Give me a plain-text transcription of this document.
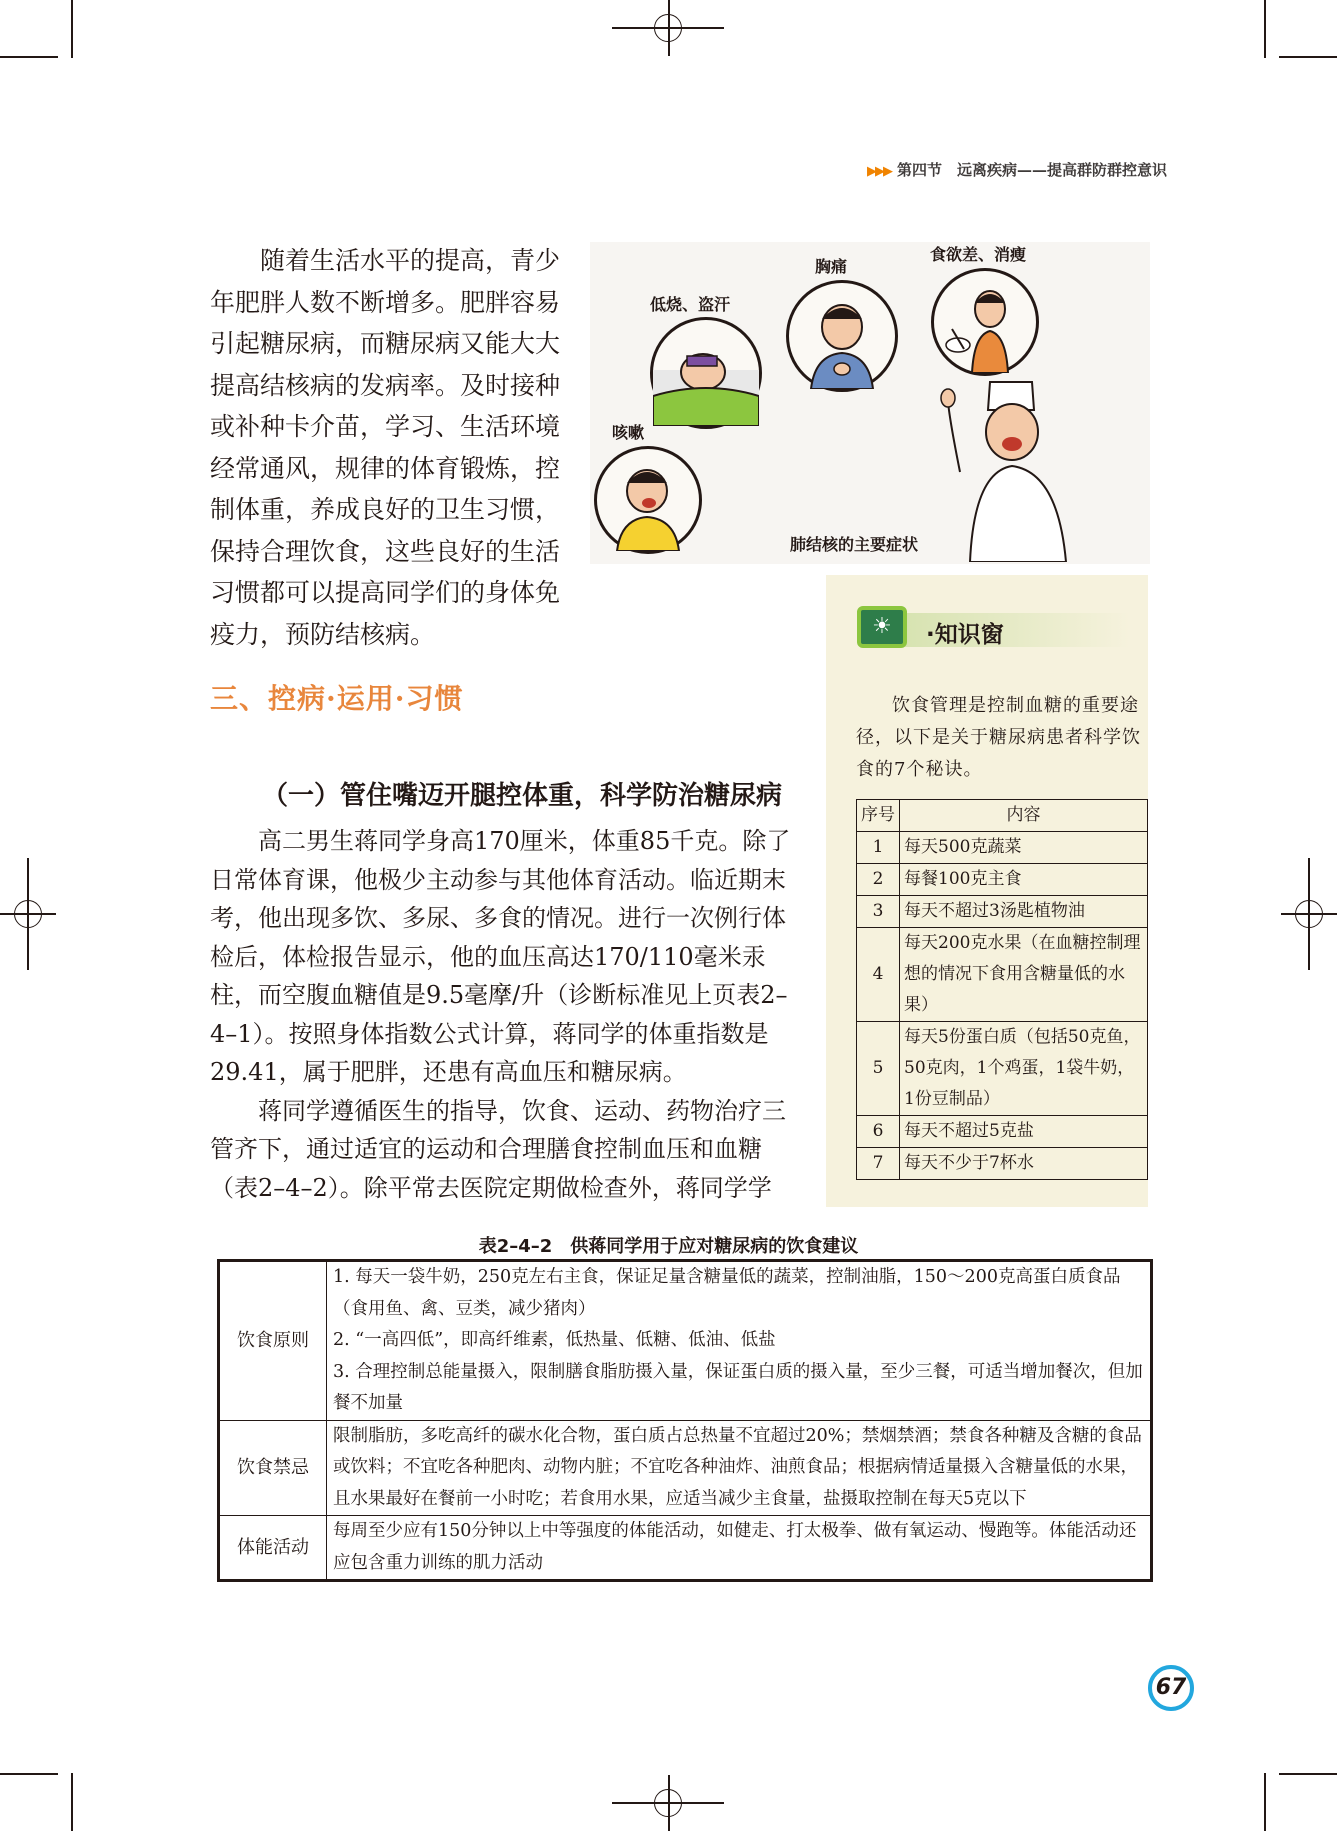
▶▶▶ 第四节　远离疾病——提高群防群控意识
随着生活水平的提高，青少年肥胖人数不断增多。肥胖容易引起糖尿病，而糖尿病又能大大提高结核病的发病率。及时接种或补种卡介苗，学习、生活环境经常通风，规律的体育锻炼，控制体重，养成良好的卫生习惯，保持合理饮食，这些良好的生活习惯都可以提高同学们的身体免疫力，预防结核病。
胸痛
食欲差、消瘦
低烧、盗汗
咳嗽
肺结核的主要症状
☀	·知识窗
饮食管理是控制血糖的重要途径，以下是关于糖尿病患者科学饮食的7个秘诀。
序号	内容
1	每天500克蔬菜
2	每餐100克主食
3	每天不超过3汤匙植物油
4	每天200克水果（在血糖控制理想的情况下食用含糖量低的水果）
5	每天5份蛋白质（包括50克鱼，50克肉，1个鸡蛋，1袋牛奶，1份豆制品）
6	每天不超过5克盐
7	每天不少于7杯水
三、控病·运用·习惯
（一）管住嘴迈开腿控体重，科学防治糖尿病

高二男生蒋同学身高170厘米，体重85千克。除了日常体育课，他极少主动参与其他体育活动。临近期末考，他出现多饮、多尿、多食的情况。进行一次例行体检后，体检报告显示，他的血压高达170/110毫米汞柱，而空腹血糖值是9.5毫摩/升（诊断标准见上页表2–4–1）。按照身体指数公式计算，蒋同学的体重指数是29.41，属于肥胖，还患有高血压和糖尿病。

蒋同学遵循医生的指导，饮食、运动、药物治疗三管齐下，通过适宜的运动和合理膳食控制血压和血糖（表2–4–2）。除平常去医院定期做检查外，蒋同学学

表2–4–2　供蒋同学用于应对糖尿病的饮食建议
饮食原则	1. 每天一袋牛奶，250克左右主食，保证足量含糖量低的蔬菜，控制油脂，150～200克高蛋白质食品（食用鱼、禽、豆类，减少猪肉）
2. “一高四低”，即高纤维素，低热量、低糖、低油、低盐
3. 合理控制总能量摄入，限制膳食脂肪摄入量，保证蛋白质的摄入量，至少三餐，可适当增加餐次，但加餐不加量

饮食禁忌	限制脂肪，多吃高纤的碳水化合物，蛋白质占总热量不宜超过20%；禁烟禁酒；禁食各种糖及含糖的食品或饮料；不宜吃各种肥肉、动物内脏；不宜吃各种油炸、油煎食品；根据病情适量摄入含糖量低的水果，且水果最好在餐前一小时吃；若食用水果，应适当减少主食量，盐摄取控制在每天5克以下

体能活动	每周至少应有150分钟以上中等强度的体能活动，如健走、打太极拳、做有氧运动、慢跑等。体能活动还应包含重力训练的肌力活动
67
